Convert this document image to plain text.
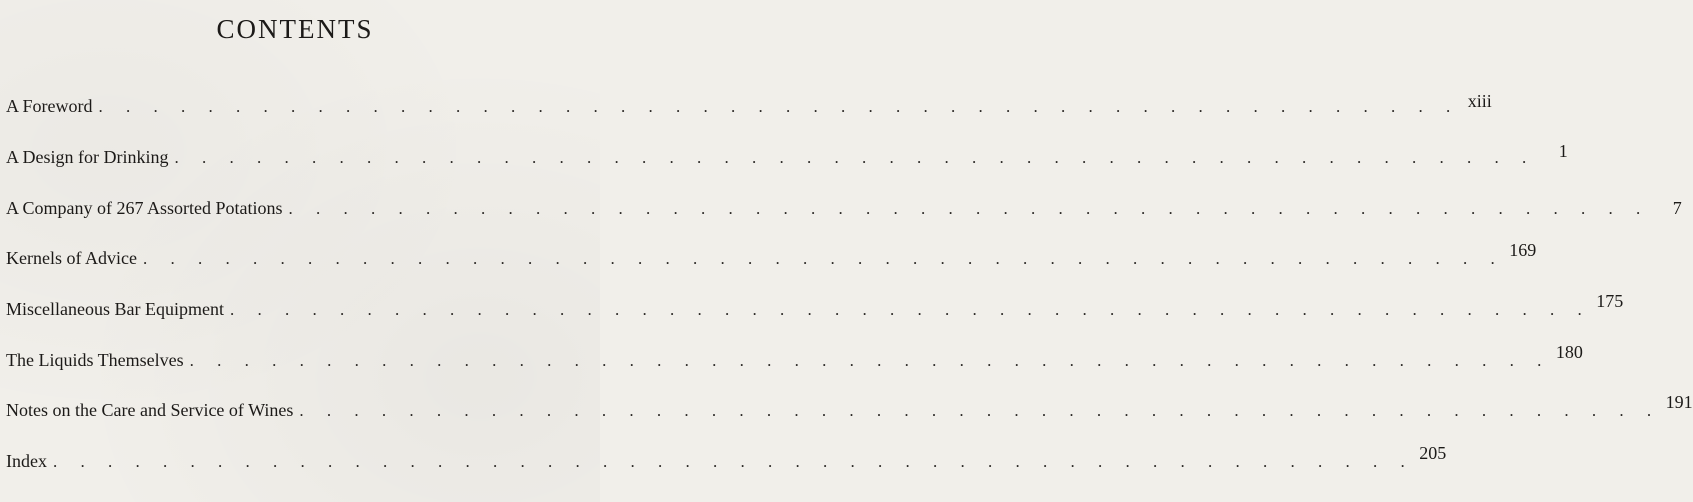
CONTENTS
A Foreword . . . . . . . . . . . . . . . . . . . . . . . . . . . . . . . . . . . . . . . . . . . . . . . . . . xiii
A Design for Drinking . . . . . . . . . . . . . . . . . . . . . . . . . . . . . . . . . . . . . . . . . . . . . . . . . .	1
A Company of 267 Assorted Potations . . . . . . . . . . . . . . . . . . . . . . . . . . . . . . . . . . . . . . . . . . . . . . . . . .	7
Kernels of Advice . . . . . . . . . . . . . . . . . . . . . . . . . . . . . . . . . . . . . . . . . . . . . . . . . . 169
Miscellaneous Bar Equipment . . . . . . . . . . . . . . . . . . . . . . . . . . . . . . . . . . . . . . . . . . . . . . . . . . 175
The Liquids Themselves . . . . . . . . . . . . . . . . . . . . . . . . . . . . . . . . . . . . . . . . . . . . . . . . . . 180
Notes on the Care and Service of Wines . . . . . . . . . . . . . . . . . . . . . . . . . . . . . . . . . . . . . . . . . . . . . . . . . . 191
Index . . . . . . . . . . . . . . . . . . . . . . . . . . . . . . . . . . . . . . . . . . . . . . . . . . 205
